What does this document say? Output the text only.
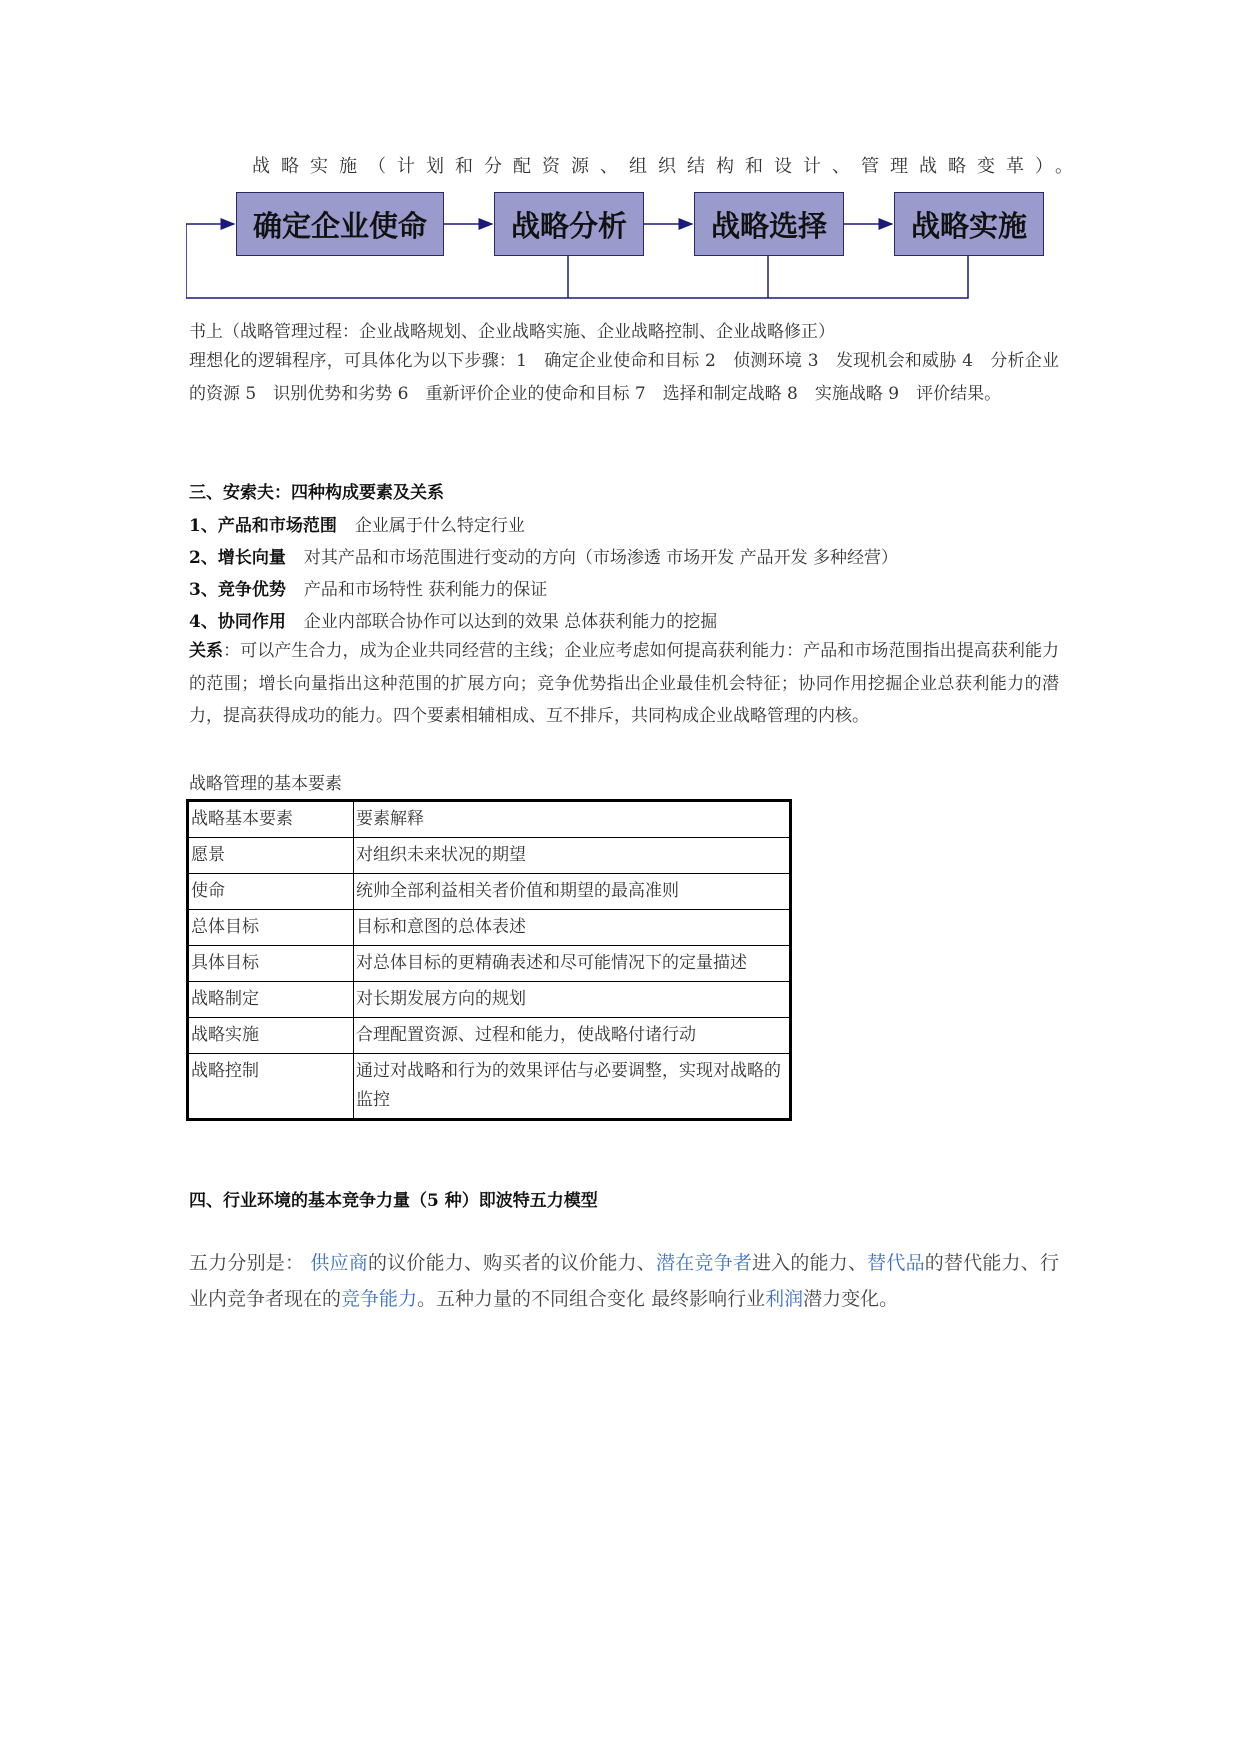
战略实施（计划和分配资源、组织结构和设计、管理战略变革）。
确定企业使命	战略分析	战略选择	战略实施
书上（战略管理过程：企业战略规划、企业战略实施、企业战略控制、企业战略修正）
理想化的逻辑程序，可具体化为以下步骤：1　确定企业使命和目标 2　侦测环境 3　发现机会和威胁 4　分析企业的资源 5　识别优势和劣势 6　重新评价企业的使命和目标 7　选择和制定战略 8　实施战略 9　评价结果。
三、安索夫：四种构成要素及关系
1、产品和市场范围 企业属于什么特定行业
2、增长向量 对其产品和市场范围进行变动的方向（市场渗透 市场开发 产品开发 多种经营）
3、竞争优势 产品和市场特性 获利能力的保证
4、协同作用 企业内部联合协作可以达到的效果 总体获利能力的挖掘
关系：可以产生合力，成为企业共同经营的主线；企业应考虑如何提高获利能力：产品和市场范围指出提高获利能力的范围；增长向量指出这种范围的扩展方向；竞争优势指出企业最佳机会特征；协同作用挖掘企业总获利能力的潜力，提高获得成功的能力。四个要素相辅相成、互不排斥，共同构成企业战略管理的内核。
战略管理的基本要素
战略基本要素	要素解释
愿景	对组织未来状况的期望
使命	统帅全部利益相关者价值和期望的最高准则
总体目标	目标和意图的总体表述
具体目标	对总体目标的更精确表述和尽可能情况下的定量描述
战略制定	对长期发展方向的规划
战略实施	合理配置资源、过程和能力，使战略付诸行动
战略控制	通过对战略和行为的效果评估与必要调整，实现对战略的监控
四、行业环境的基本竞争力量（5 种）即波特五力模型
五力分别是： 供应商的议价能力、购买者的议价能力、潜在竞争者进入的能力、替代品的替代能力、行业内竞争者现在的竞争能力。五种力量的不同组合变化 最终影响行业利润潜力变化。
